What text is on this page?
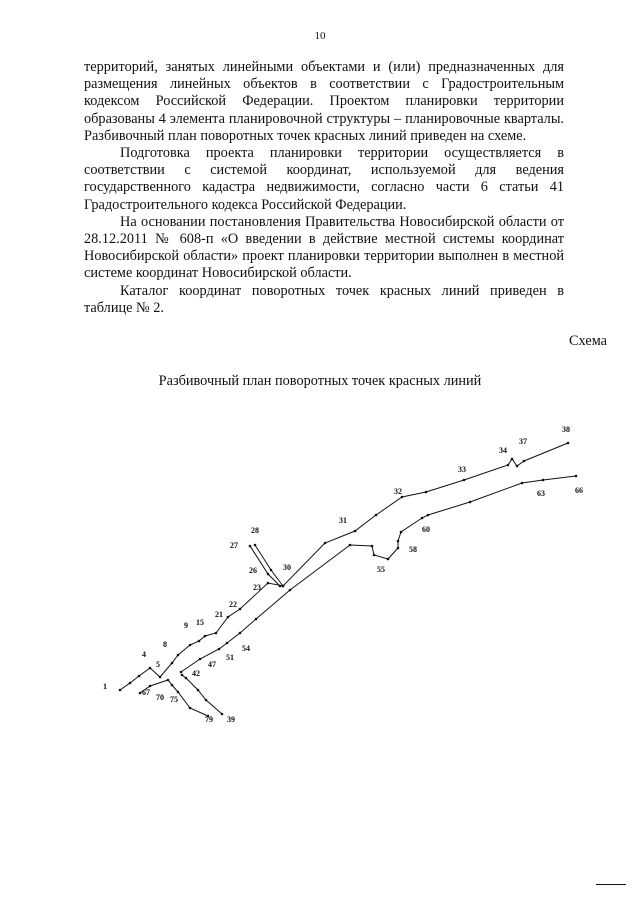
10

территорий, занятых линейными объектами и (или) предназначенных для размещения линейных объектов в соответствии с Градостроительным кодексом Российской Федерации. Проектом планировки территории образованы 4 элемента планировочной структуры – планировочные кварталы. Разбивочный план поворотных точек красных линий приведен на схеме.

Подготовка проекта планировки территории осуществляется в соответствии с системой координат, используемой для ведения государственного кадастра недвижимости, согласно части 6 статьи 41 Градостроительного кодекса Российской Федерации.

На основании постановления Правительства Новосибирской области от 28.12.2011 № 608-п «О введении в действие местной системы координат Новосибирской области» проект планировки территории выполнен в местной системе координат Новосибирской области.

Каталог координат поворотных точек красных линий приведен в таблице № 2.

Схема
Разбивочный план поворотных точек красных линий
1
4
5
8
9 15
21
22
23
26
27
28
30
31
32
33
34
37
38
39
42
47
51
54
55
58
60
63	66
67
70 75
79
